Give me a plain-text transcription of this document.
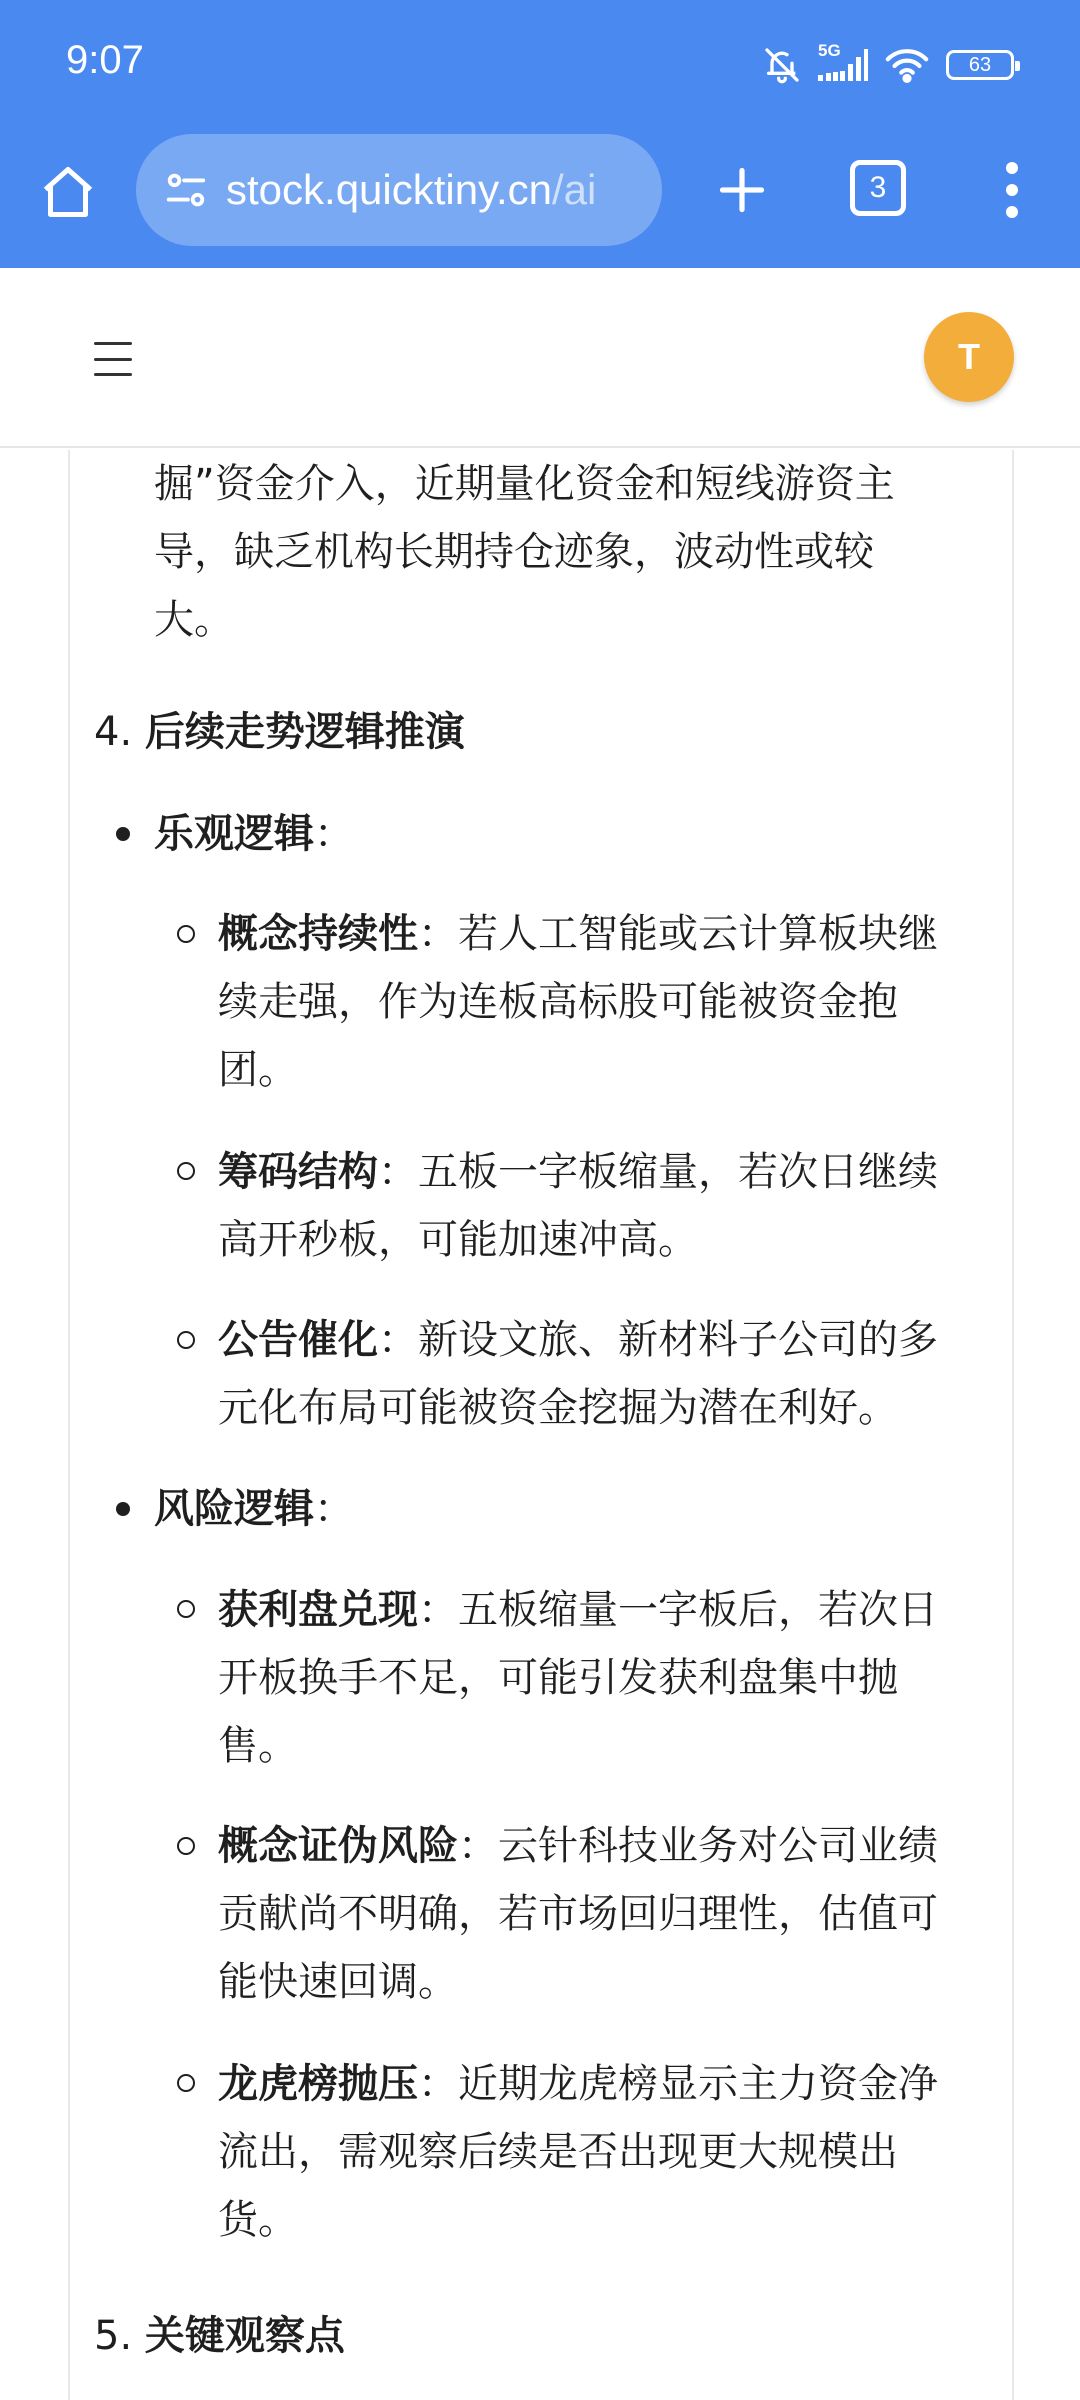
9:07	5G
63
stock.quicktiny.cn/ai	3
T
掘”资金介入，近期量化资金和短线游资主
导，缺乏机构长期持仓迹象，波动性或较
大。
4. 后续走势逻辑推演
乐观逻辑：
概念持续性：若人工智能或云计算板块继
续走强，作为连板高标股可能被资金抱
团。
筹码结构：五板一字板缩量，若次日继续
高开秒板，可能加速冲高。
公告催化：新设文旅、新材料子公司的多
元化布局可能被资金挖掘为潜在利好。
风险逻辑：
获利盘兑现：五板缩量一字板后，若次日
开板换手不足，可能引发获利盘集中抛
售。
概念证伪风险：云针科技业务对公司业绩
贡献尚不明确，若市场回归理性，估值可
能快速回调。
龙虎榜抛压：近期龙虎榜显示主力资金净
流出，需观察后续是否出现更大规模出
货。
5. 关键观察点
